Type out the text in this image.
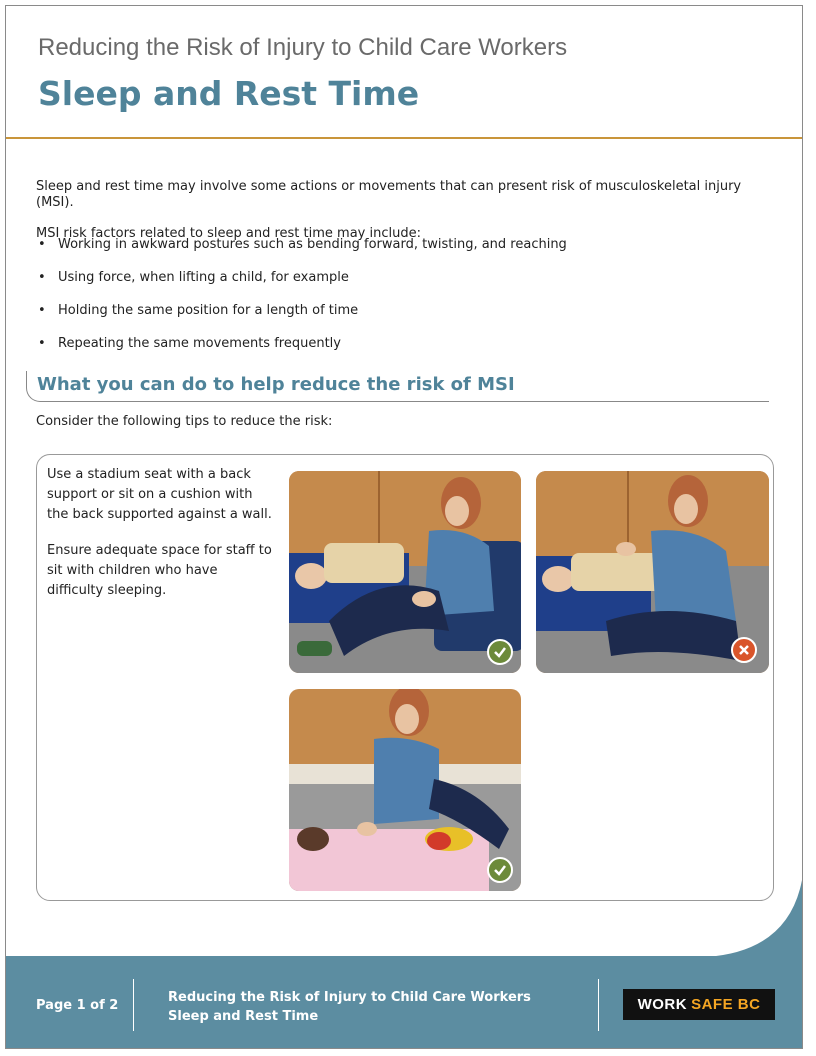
Reducing the Risk of Injury to Child Care Workers
Sleep and Rest Time

Sleep and rest time may involve some actions or movements that can present risk of musculoskeletal injury (MSI).

MSI risk factors related to sleep and rest time may include:

• Working in awkward postures such as bending forward, twisting, and reaching
• Using force, when lifting a child, for example
• Holding the same position for a length of time
• Repeating the same movements frequently
What you can do to help reduce the risk of MSI
Consider the following tips to reduce the risk:

Use a stadium seat with a back support or sit on a cushion with the back supported against a wall.

Ensure adequate space for staff to sit with children who have difficulty sleeping.

Page 1 of 2
Reducing the Risk of Injury to Child Care Workers
Sleep and Rest Time
WORK SAFE BC
